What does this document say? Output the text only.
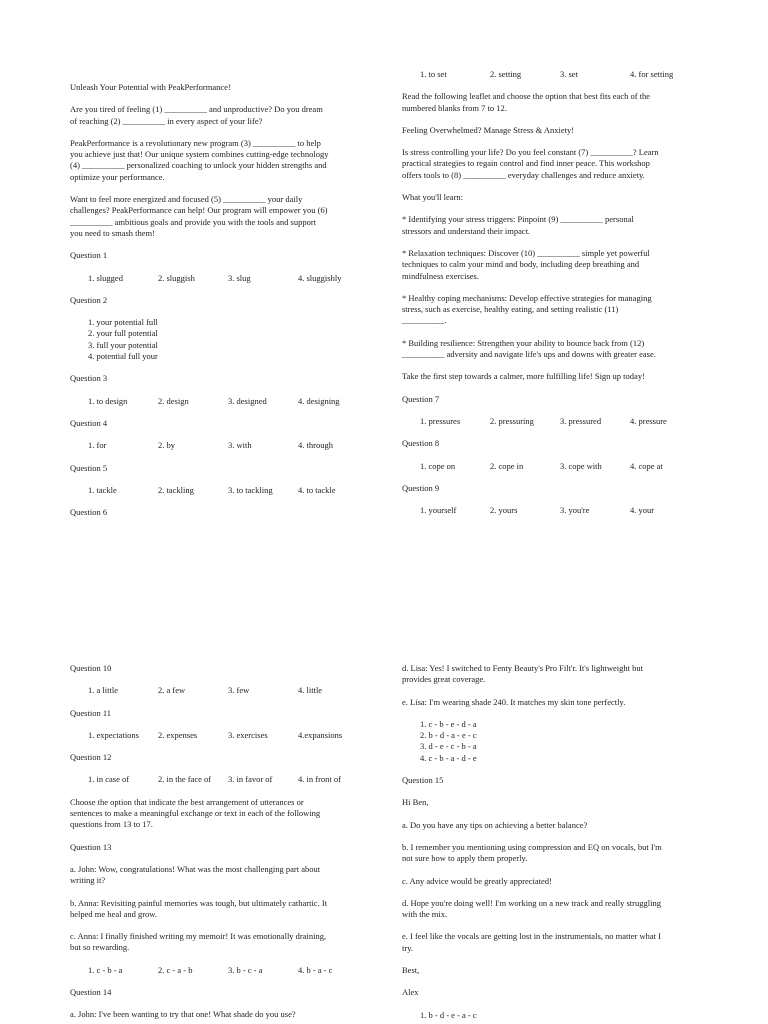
Unleash Your Potential with PeakPerformance!

Are you tired of feeling (1) __________ and unproductive? Do you dream

of reaching (2) __________ in every aspect of your life?

PeakPerformance is a revolutionary new program (3) __________ to help

you achieve just that! Our unique system combines cutting-edge technology

(4) __________ personalized coaching to unlock your hidden strengths and

optimize your performance.

Want to feel more energized and focused (5) __________ your daily

challenges? PeakPerformance can help! Our program will empower you (6)

__________ ambitious goals and provide you with the tools and support

you need to smash them!

Question 1

1. slugged	2. sluggish	3. slug	4. sluggishly

Question 2

1. your potential full

2. your full potential

3. full your potential

4. potential full your

Question 3

1. to design	2. design	3. designed	4. designing

Question 4

1. for	2. by	3. with	4. through

Question 5

1. tackle	2. tackling	3. to tackling	4. to tackle

Question 6

1. to set	2. setting	3. set	4. for setting

Read the following leaflet and choose the option that best fits each of the

numbered blanks from 7 to 12.

Feeling Overwhelmed? Manage Stress & Anxiety!

Is stress controlling your life? Do you feel constant (7) __________? Learn

practical strategies to regain control and find inner peace. This workshop

offers tools to (8) __________ everyday challenges and reduce anxiety.

What you'll learn:

* Identifying your stress triggers: Pinpoint (9) __________ personal

stressors and understand their impact.

* Relaxation techniques: Discover (10) __________ simple yet powerful

techniques to calm your mind and body, including deep breathing and

mindfulness exercises.

* Healthy coping mechanisms: Develop effective strategies for managing

stress, such as exercise, healthy eating, and setting realistic (11)

__________.

* Building resilience: Strengthen your ability to bounce back from (12)

__________ adversity and navigate life's ups and downs with greater ease.

Take the first step towards a calmer, more fulfilling life! Sign up today!

Question 7

1. pressures	2. pressuring	3. pressured	4. pressure

Question 8

1. cope on	2. cope in	3. cope with	4. cope at

Question 9

1. yourself	2. yours	3. you're	4. your

Question 10

1. a little	2. a few	3. few	4. little

Question 11

1. expectations	2. expenses	3. exercises	4.expansions

Question 12

1. in case of	2. in the face of	3. in favor of	4. in front of

Choose the option that indicate the best arrangement of utterances or

sentences to make a meaningful exchange or text in each of the following

questions from 13 to 17.

Question 13

a. John: Wow, congratulations! What was the most challenging part about

writing it?

b. Anna: Revisiting painful memories was tough, but ultimately cathartic. It

helped me heal and grow.

c. Anna: I finally finished writing my memoir! It was emotionally draining,

but so rewarding.

1. c - b - a	2. c - a - b	3. b - c - a	4. b - a - c

Question 14

a. John: I've been wanting to try that one! What shade do you use?

d. Lisa: Yes! I switched to Fenty Beauty's Pro Filt'r. It's lightweight but

provides great coverage.

e. Lisa: I'm wearing shade 240. It matches my skin tone perfectly.

1. c - b - e - d - a

2. b - d - a - e - c

3. d - e - c - b - a

4. c - b - a - d - e

Question 15

Hi Ben,

a. Do you have any tips on achieving a better balance?

b. I remember you mentioning using compression and EQ on vocals, but I'm

not sure how to apply them properly.

c. Any advice would be greatly appreciated!

d. Hope you're doing well! I'm working on a new track and really struggling

with the mix.

e. I feel like the vocals are getting lost in the instrumentals, no matter what I

try.

Best,

Alex

1. b - d - e - a - c
